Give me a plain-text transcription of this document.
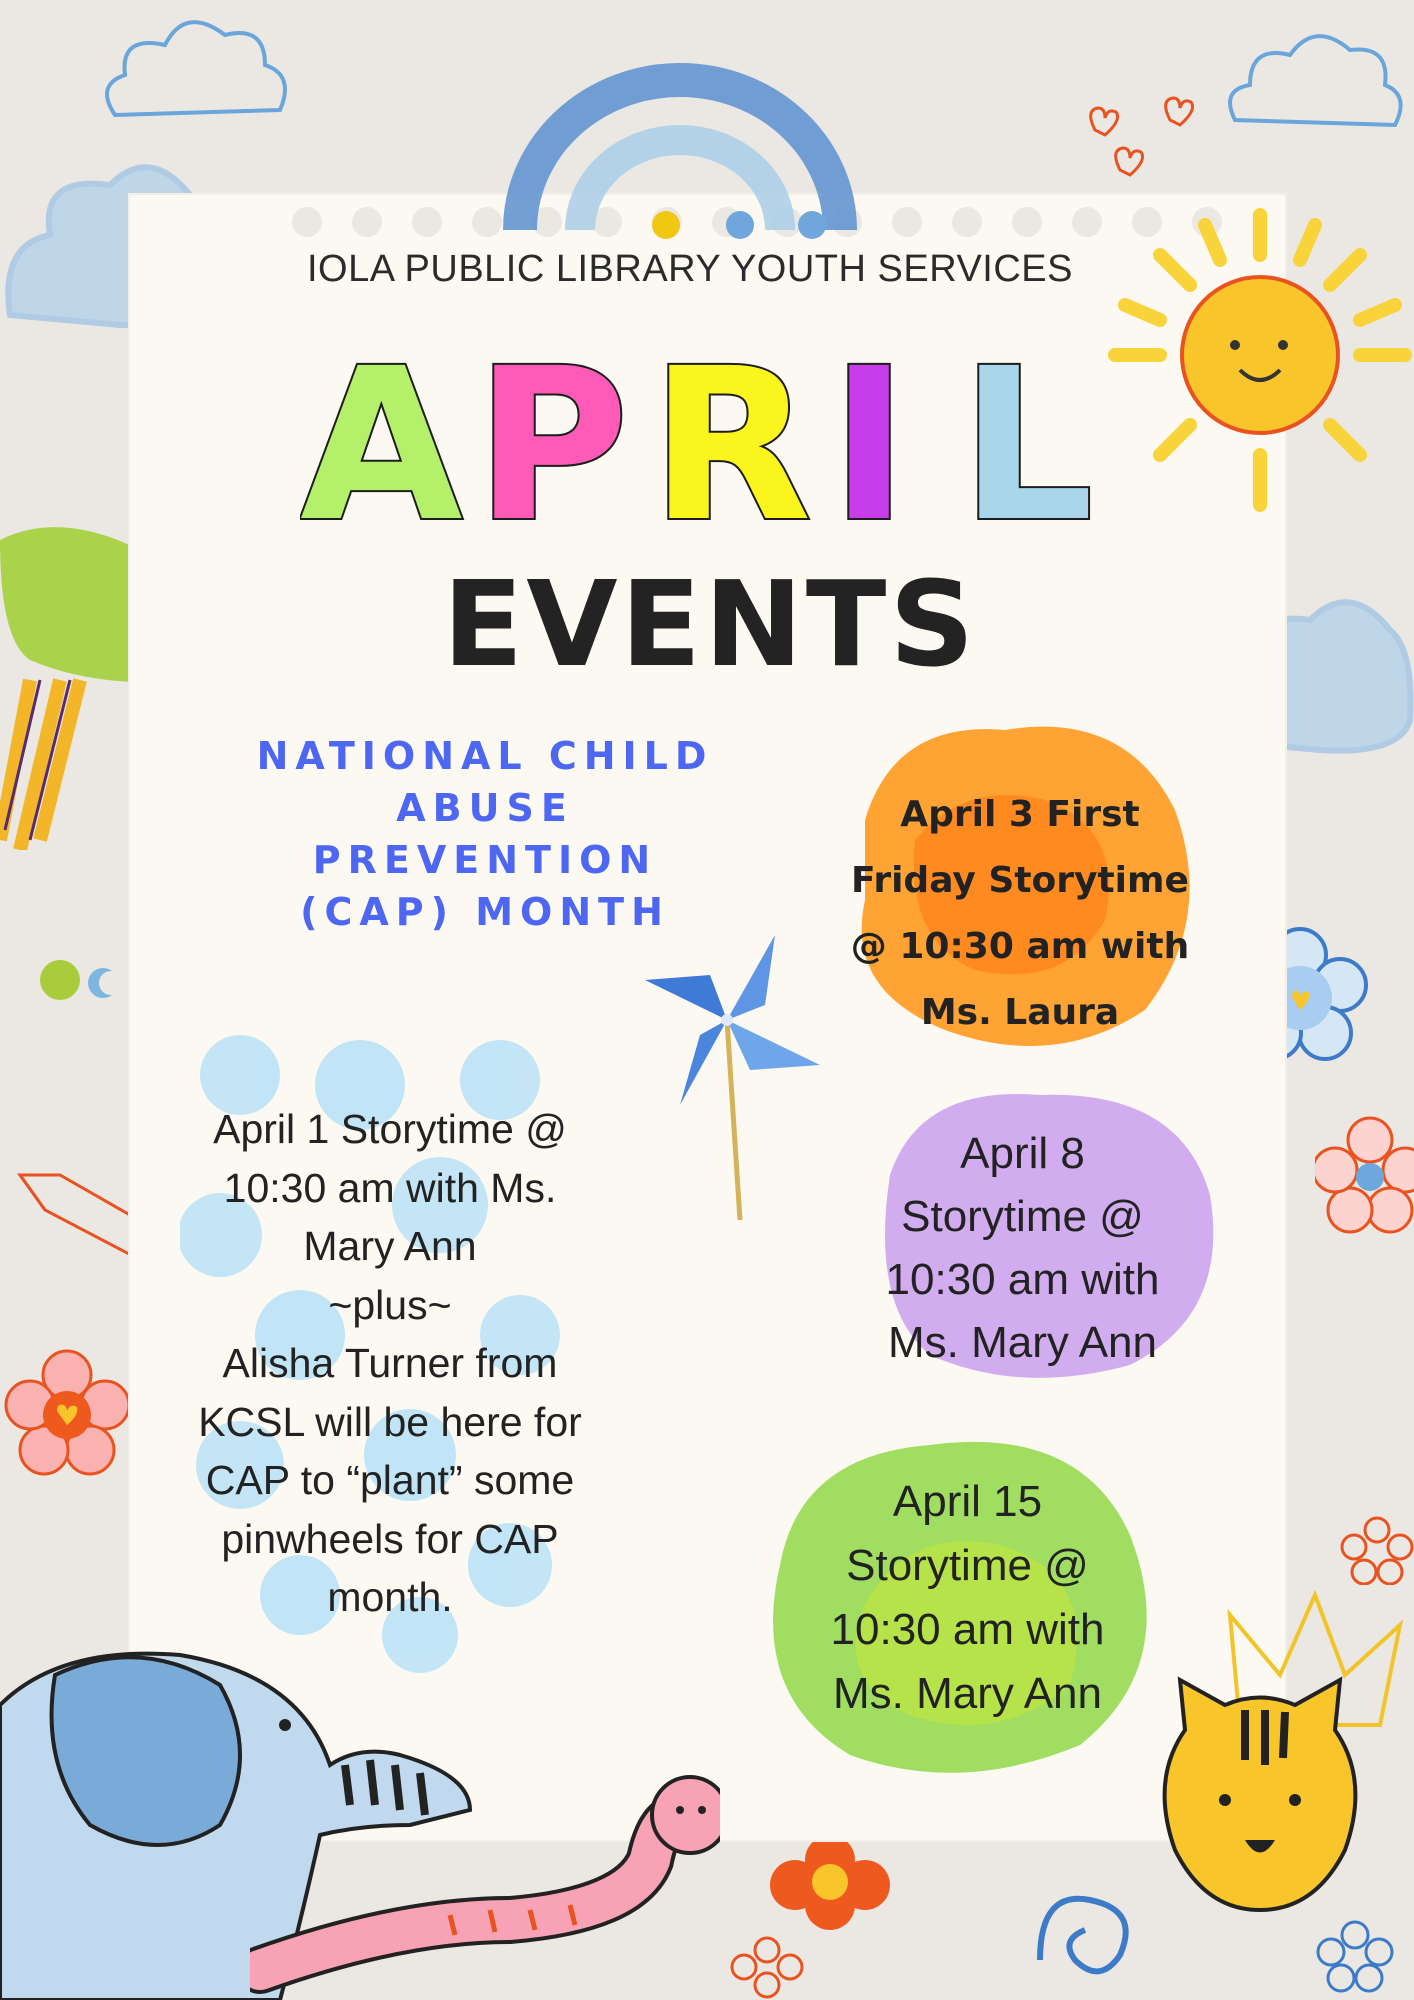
IOLA PUBLIC LIBRARY YOUTH SERVICES
A P R I L
EVENTS
NATIONAL CHILD
ABUSE
PREVENTION
(CAP) MONTH
April 1 Storytime @
10:30 am with Ms.
Mary Ann
~plus~
Alisha Turner from
KCSL will be here for
CAP to “plant” some
pinwheels for CAP
month.
April 3 First
Friday Storytime
@ 10:30 am with
Ms. Laura
April 8
Storytime @
10:30 am with
Ms. Mary Ann
April 15
Storytime @
10:30 am with
Ms. Mary Ann
